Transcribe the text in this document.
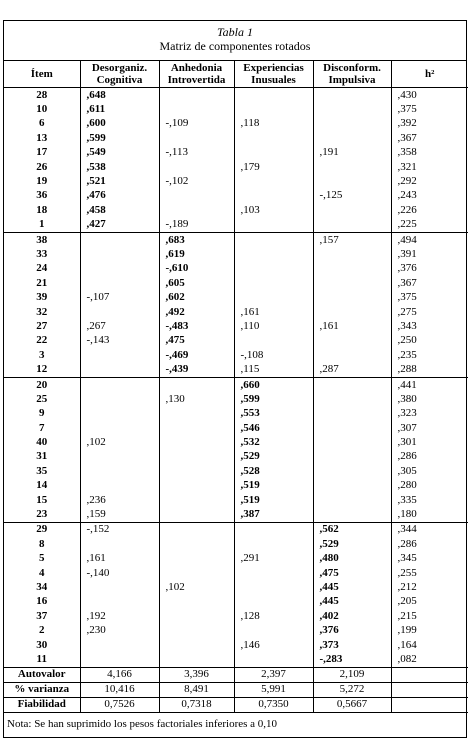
Tabla 1
Matriz de componentes rotados
Ítem	Desorganiz. Cognitiva	Anhedonia Introvertida	Experiencias Inusuales	Disconform. Impulsiva	h²
28	,648				,430
10	,611				,375
6	,600	-,109	,118		,392
13	,599				,367
17	,549	-,113		,191	,358
26	,538		,179		,321
19	,521	-,102			,292
36	,476			-,125	,243
18	,458		,103		,226
1	,427	-,189			,225
38		,683		,157	,494
33		,619			,391
24		-,610			,376
21		,605			,367
39	-,107	,602			,375
32		,492	,161		,275
27	,267	-,483	,110	,161	,343
22	-,143	,475			,250
3		-,469	-,108		,235
12		-,439	,115	,287	,288
20			,660		,441
25		,130	,599		,380
9			,553		,323
7			,546		,307
40	,102		,532		,301
31			,529		,286
35			,528		,305
14			,519		,280
15	,236		,519		,335
23	,159		,387		,180
29	-,152			,562	,344
8				,529	,286
5	,161		,291	,480	,345
4	-,140			,475	,255
34		,102		,445	,212
16				,445	,205
37	,192		,128	,402	,215
2	,230			,376	,199
30			,146	,373	,164
11				-,283	,082
Autovalor	4,166	3,396	2,397	2,109	
% varianza	10,416	8,491	5,991	5,272	
Fiabilidad	0,7526	0,7318	0,7350	0,5667	
Nota: Se han suprimido los pesos factoriales inferiores a 0,10
